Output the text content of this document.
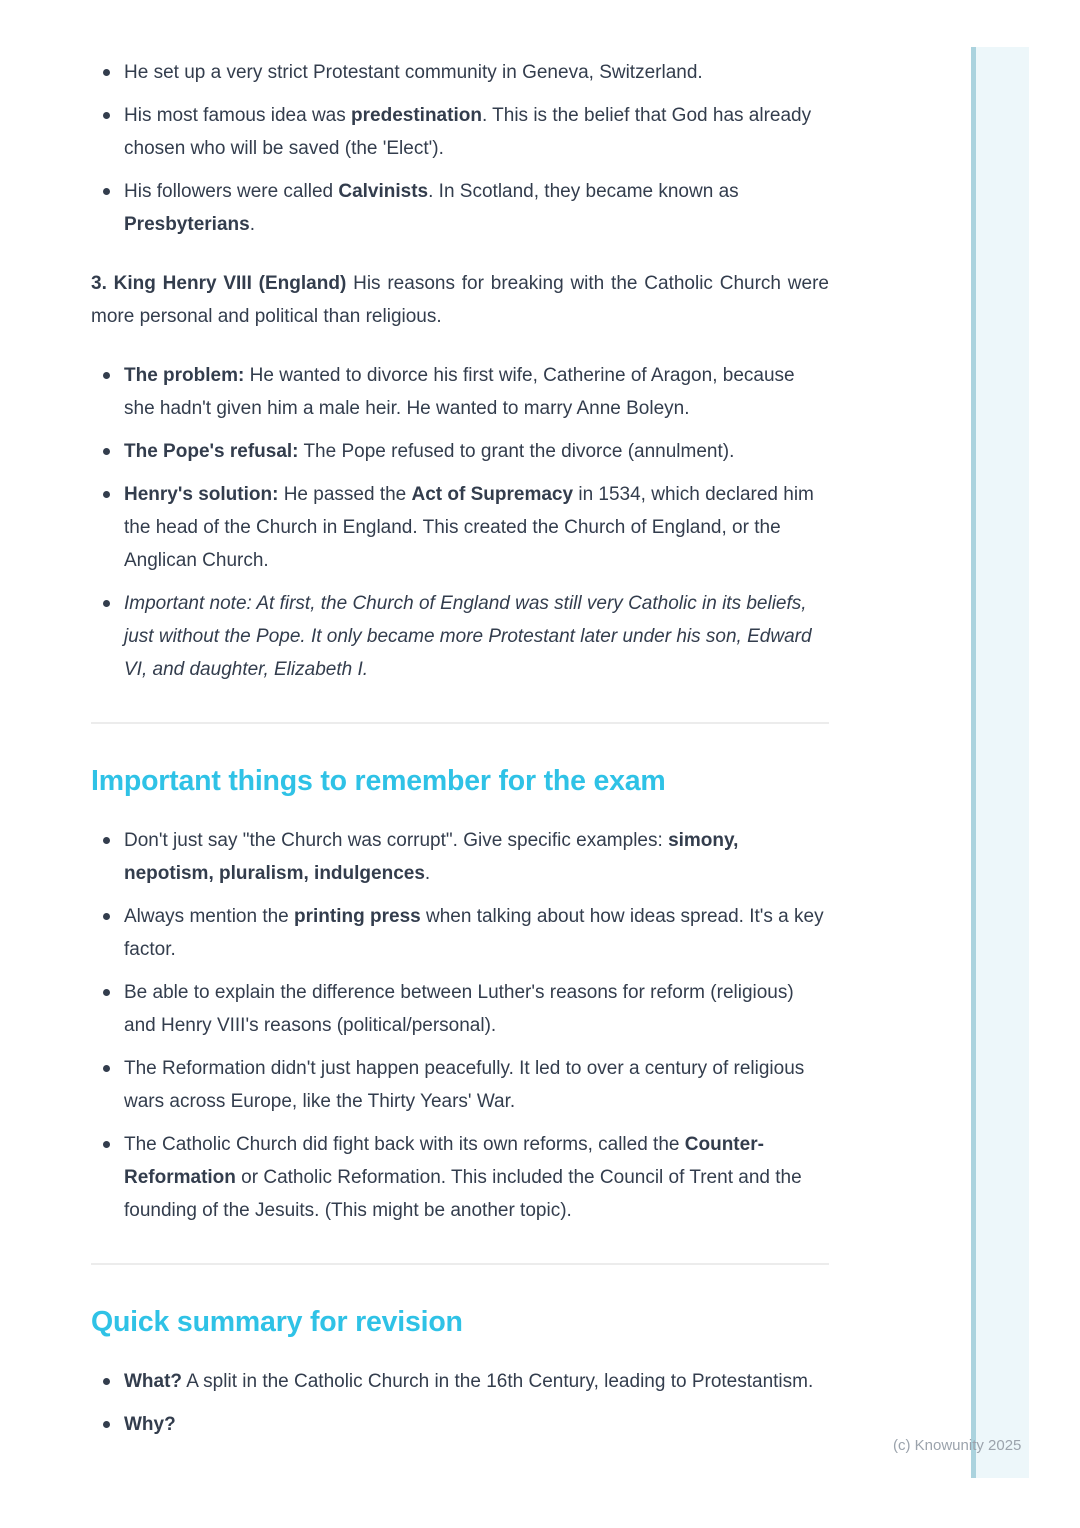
He set up a very strict Protestant community in Geneva, Switzerland.
His most famous idea was predestination. This is the belief that God has already chosen who will be saved (the 'Elect').
His followers were called Calvinists. In Scotland, they became known as Presbyterians.

3. King Henry VIII (England) His reasons for breaking with the Catholic Church were more personal and political than religious.

The problem: He wanted to divorce his first wife, Catherine of Aragon, because she hadn't given him a male heir. He wanted to marry Anne Boleyn.
The Pope's refusal: The Pope refused to grant the divorce (annulment).
Henry's solution: He passed the Act of Supremacy in 1534, which declared him the head of the Church in England. This created the Church of England, or the Anglican Church.
Important note: At first, the Church of England was still very Catholic in its beliefs, just without the Pope. It only became more Protestant later under his son, Edward VI, and daughter, Elizabeth I.
Important things to remember for the exam
Don't just say "the Church was corrupt". Give specific examples: simony, nepotism, pluralism, indulgences.
Always mention the printing press when talking about how ideas spread. It's a key factor.
Be able to explain the difference between Luther's reasons for reform (religious) and Henry VIII's reasons (political/personal).
The Reformation didn't just happen peacefully. It led to over a century of religious wars across Europe, like the Thirty Years' War.
The Catholic Church did fight back with its own reforms, called the Counter-Reformation or Catholic Reformation. This included the Council of Trent and the founding of the Jesuits. (This might be another topic).
Quick summary for revision
What? A split in the Catholic Church in the 16th Century, leading to Protestantism.
Why?
(c) Knowunity 2025
